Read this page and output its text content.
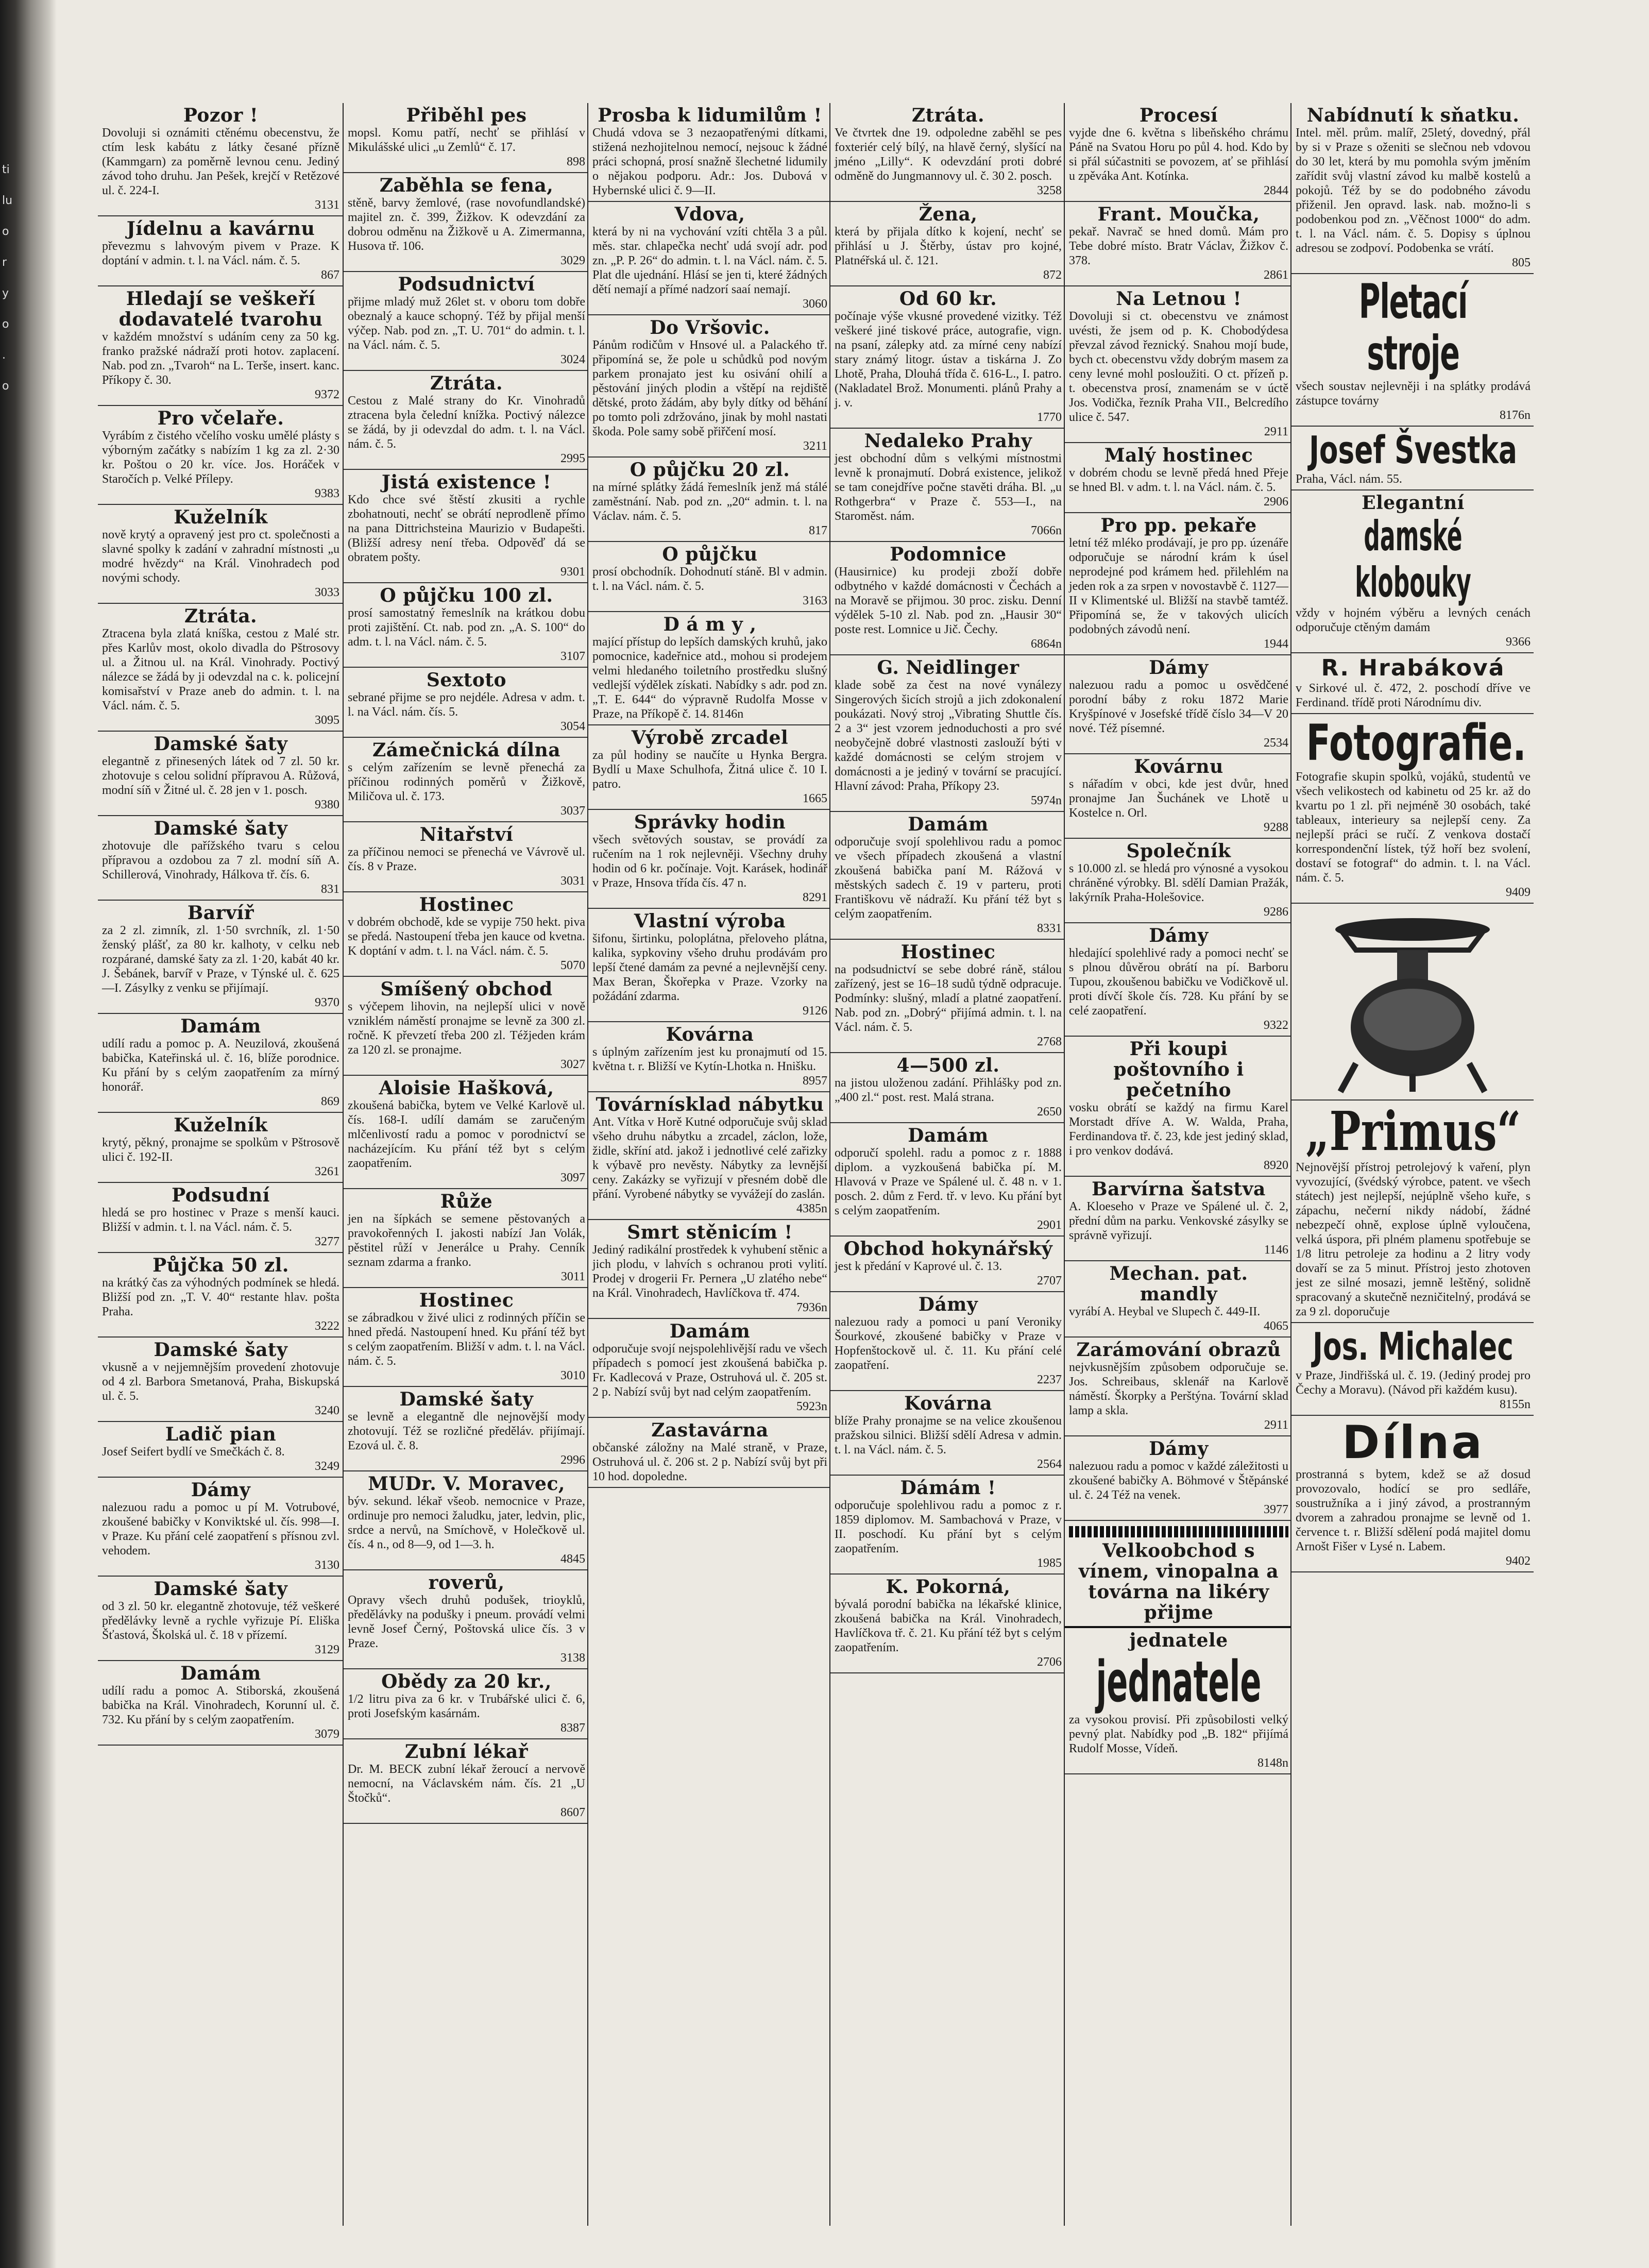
ti lu o r y o . o
Pozor !
Dovoluji si oznámiti ctěnému obecenstvu, že ctím lesk kabátu z látky česané přízně (Kammgarn) za poměrně levnou cenu. Jediný závod toho druhu. Jan Pešek, krejčí v Retězové ul. č. 224-I.
3131
Jídelnu a kavárnu
převezmu s lahvovým pivem v Praze. K doptání v admin. t. l. na Václ. nám. č. 5.
867
Hledají se veškeří dodavatelé tvarohu
v každém množství s udáním ceny za 50 kg. franko pražské nádraží proti hotov. zaplacení. Nab. pod zn. „Tvaroh“ na L. Terše, insert. kanc. Příkopy č. 30.
9372
Pro včelaře.
Vyrábím z čistého včelího vosku umělé plásty s výborným začátky s nabízím 1 kg za zl. 2·30 kr. Poštou o 20 kr. více. Jos. Horáček v Staročích p. Velké Přílepy.
9383
Kuželník
nově krytý a opravený jest pro ct. společnosti a slavné spolky k zadání v zahradní místnosti „u modré hvězdy“ na Král. Vinohradech pod novými schody.
3033
Ztráta.
Ztracena byla zlatá kníška, cestou z Malé str. přes Karlův most, okolo divadla do Pštrosovy ul. a Žitnou ul. na Král. Vinohrady. Poctivý nálezce se žádá by ji odevzdal na c. k. policejní komisařství v Praze aneb do admin. t. l. na Václ. nám. č. 5.
3095
Damské šaty
elegantně z přinesených látek od 7 zl. 50 kr. zhotovuje s celou solidní přípravou A. Růžová, modní síň v Žitné ul. č. 28 jen v 1. posch.
9380
Damské šaty
zhotovuje dle pařížského tvaru s celou přípravou a ozdobou za 7 zl. modní síň A. Schillerová, Vinohrady, Hálkova tř. čís. 6.
831
Barvíř
za 2 zl. zimník, zl. 1·50 svrchník, zl. 1·50 ženský plášť, za 80 kr. kalhoty, v celku neb rozpárané, damské šaty za zl. 1·20, kabát 40 kr. J. Šebánek, barvíř v Praze, v Týnské ul. č. 625—I. Zásylky z venku se přijímají.
9370
Damám
udílí radu a pomoc p. A. Neuzilová, zkoušená babička, Kateřinská ul. č. 16, blíže porodnice. Ku přání by s celým zaopatřením za mírný honorář.
869
Kuželník
krytý, pěkný, pronajme se spolkům v Pštrosově ulici č. 192-II.
3261
Podsudní
hledá se pro hostinec v Praze s menší kauci. Bližší v admin. t. l. na Václ. nám. č. 5.
3277
Půjčka 50 zl.
na krátký čas za výhodných podmínek se hledá. Bližší pod zn. „T. V. 40“ restante hlav. pošta Praha.
3222
Damské šaty
vkusně a v nejjemnějším provedení zhotovuje od 4 zl. Barbora Smetanová, Praha, Biskupská ul. č. 5.
3240
Ladič pian
Josef Seifert bydlí ve Smečkách č. 8.
3249
Dámy
nalezuou radu a pomoc u pí M. Votrubové, zkoušené babičky v Konviktské ul. čís. 998—I. v Praze. Ku přání celé zaopatření s přísnou zvl. vehodem.
3130
Damské šaty
od 3 zl. 50 kr. elegantně zhotovuje, též veškeré předělávky levně a rychle vyřizuje Pí. Eliška Šťastová, Školská ul. č. 18 v přízemí.
3129
Damám
udílí radu a pomoc A. Stiborská, zkoušená babička na Král. Vinohradech, Korunní ul. č. 732. Ku přání by s celým zaopatřením.
3079
Přiběhl pes
mopsl. Komu patří, nechť se přihlásí v Mikulášské ulici „u Zemlů“ č. 17.
898
Zaběhla se fena,
stěně, barvy žemlové, (rase novofundlandské) majitel zn. č. 399, Žižkov. K odevzdání za dobrou odměnu na Žižkově u A. Zimermanna, Husova tř. 106.
3029
Podsudnictví
přijme mladý muž 26let st. v oboru tom dobře obeznalý a kauce schopný. Též by přijal menší výčep. Nab. pod zn. „T. U. 701“ do admin. t. l. na Václ. nám. č. 5.
3024
Ztráta.
Cestou z Malé strany do Kr. Vinohradů ztracena byla čelední knížka. Poctivý nálezce se žádá, by ji odevzdal do adm. t. l. na Václ. nám. č. 5.
2995
Jistá existence !
Kdo chce své štěstí zkusiti a rychle zbohatnouti, nechť se obrátí neprodleně přímo na pana Dittrichsteina Maurizio v Budapešti. (Bližší adresy není třeba. Odpověď dá se obratem pošty.
9301
O půjčku 100 zl.
prosí samostatný řemeslník na krátkou dobu proti zajištění. Ct. nab. pod zn. „A. S. 100“ do adm. t. l. na Václ. nám. č. 5.
3107
Sextoto
sebrané přijme se pro nejdéle. Adresa v adm. t. l. na Václ. nám. čís. 5.
3054
Zámečnická dílna
s celým zařízením se levně přenechá za příčinou rodinných poměrů v Žižkově, Miličova ul. č. 173.
3037
Nitařství
za příčinou nemoci se přenechá ve Vávrově ul. čís. 8 v Praze.
3031
Hostinec
v dobrém obchodě, kde se vypije 750 hekt. piva se předá. Nastoupení třeba jen kauce od kvetna. K doptání v adm. t. l. na Václ. nám. č. 5.
5070
Smíšený obchod
s výčepem lihovin, na nejlepší ulici v nově vzniklém náměstí pronajme se levně za 300 zl. ročně. K převzetí třeba 200 zl. Téžjeden krám za 120 zl. se pronajme.
3027
Aloisie Hašková,
zkoušená babička, bytem ve Velké Karlově ul. čís. 168-I. udílí damám se zaručeným mlčenlivostí radu a pomoc v porodnictví se nacházejícím. Ku přání též byt s celým zaopatřením.
3097
Růže
jen na šípkách se semene pěstovaných a pravokořenných I. jakosti nabízí Jan Volák, pěstitel růží v Jenerálce u Prahy. Cenník seznam zdarma a franko.
3011
Hostinec
se zábradkou v živé ulici z rodinných příčin se hned předá. Nastoupení hned. Ku přání též byt s celým zaopatřením. Bližší v adm. t. l. na Václ. nám. č. 5.
3010
Damské šaty
se levně a elegantně dle nejnovější mody zhotovují. Též se rozličné předěláv. přijímají. Ezová ul. č. 8.
2996
MUDr. V. Moravec,
býv. sekund. lékař všeob. nemocnice v Praze, ordinuje pro nemoci žaludku, jater, ledvin, plic, srdce a nervů, na Smíchově, v Holečkově ul. čís. 4 n., od 8—9, od 1—3. h.
4845
roverů,
Opravy všech druhů podušek, trioyklů, předělávky na podušky i pneum. provádí velmi levně Josef Černý, Poštovská ulice čís. 3 v Praze.
3138
Obědy za 20 kr.,
1/2 litru piva za 6 kr. v Trubářské ulici č. 6, proti Josefským kasárnám.
8387
Zubní lékař
Dr. M. BECK zubní lékař žeroucí a nervově nemocní, na Václavském nám. čís. 21 „U Štočků“.
8607
Prosba k lidumilům !
Chudá vdova se 3 nezaopatřenými dítkami, stižená nezhojitelnou nemocí, nejsouc k žádné práci schopná, prosí snažně šlechetné lidumily o nějakou podporu. Adr.: Jos. Dubová v Hybernské ulici č. 9—II.
Vdova,
která by ni na vychování vzíti chtěla 3 a půl. měs. star. chlapečka nechť udá svojí adr. pod zn. „P. P. 26“ do admin. t. l. na Václ. nám. č. 5. Plat dle ujednání. Hlásí se jen ti, které žádných dětí nemají a přímé nadzorí saaí nemají.
3060
Do Vršovic.
Pánům rodičům v Hnsové ul. a Palackého tř. připomíná se, že pole u schůdků pod novým parkem pronajato jest ku osivání ohilí a pěstování jiných plodin a vštěpí na rejdiště dětské, proto žádám, aby byly dítky od běhání po tomto poli zdržováno, jinak by mohl nastati škoda. Pole samy sobě přiřčení mosí.
3211
O půjčku 20 zl.
na mírné splátky žádá řemeslník jenž má stálé zaměstnání. Nab. pod zn. „20“ admin. t. l. na Václav. nám. č. 5.
817
O půjčku
prosí obchodník. Dohodnutí stáně. Bl v admin. t. l. na Václ. nám. č. 5.
3163
D á m y ,
mající přístup do lepších damských kruhů, jako pomocnice, kadeřnice atd., mohou si prodejem velmi hledaného toiletního prostředku slušný vedlejší výdělek získati. Nabídky s adr. pod zn. „T. E. 644“ do výpravně Rudolfa Mosse v Praze, na Příkopě č. 14. 8146n
Výrobě zrcadel
za půl hodiny se naučíte u Hynka Bergra. Bydlí u Maxe Schulhofa, Žitná ulice č. 10 I. patro.
1665
Správky hodin
všech světových soustav, se provádí za ručením na 1 rok nejlevněji. Všechny druhy hodin od 6 kr. počínaje. Vojt. Karásek, hodinář v Praze, Hnsova třída čís. 47 n.
8291
Vlastní výroba
šifonu, širtinku, poloplátna, přeloveho plátna, kalika, sypkoviny všeho druhu prodávám pro lepší čtené damám za pevné a nejlevnější ceny. Max Beran, Škořepka v Praze. Vzorky na požádání zdarma.
9126
Kovárna
s úplným zařízením jest ku pronajmutí od 15. května t. r. Bližší ve Kytín-Lhotka n. Hnišku.
8957
Továrnísklad nábytku
Ant. Vítka v Horě Kutné odporučuje svůj sklad všeho druhu nábytku a zrcadel, záclon, lože, židle, skříní atd. jakož i jednotlivé celé zařizky k výbavě pro nevěsty. Nábytky za levnější ceny. Zakázky se vyřizují v přesném době dle přání. Vyrobené nábytky se vyvážejí do zaslán.
4385n
Smrt stěnicím !
Jediný radikální prostředek k vyhubení stěnic a jich plodu, v lahvích s ochranou proti vylití. Prodej v drogerii Fr. Pernera „U zlatého nebe“ na Král. Vinohradech, Havlíčkova tř. 474.
7936n
Damám
odporučuje svojí nejspolehlivější radu ve všech případech s pomocí jest zkoušená babička p. Fr. Kadlecová v Praze, Ostruhová ul. č. 205 st. 2 p. Nabízí svůj byt nad celým zaopatřením.
5923n
Zastavárna
občanské záložny na Malé straně, v Praze, Ostruhová ul. č. 206 st. 2 p. Nabízí svůj byt při 10 hod. dopoledne.
Ztráta.
Ve čtvrtek dne 19. odpoledne zaběhl se pes foxteriér celý bílý, na hlavě černý, slyšící na jméno „Lilly“. K odevzdání proti dobré odměně do Jungmannovy ul. č. 30 2. posch.
3258
Žena,
která by přijala dítko k kojení, nechť se přihlásí u J. Štěrby, ústav pro kojné, Platnéřská ul. č. 121.
872
Od 60 kr.
počínaje výše vkusné provedené vizitky. Též veškeré jiné tiskové práce, autografie, vign. na psaní, zálepky atd. za mírné ceny nabízí stary známý litogr. ústav a tiskárna J. Zo Lhotě, Praha, Dlouhá třída č. 616-L., I. patro. (Nakladatel Brož. Monumenti. plánů Prahy a j. v.
1770
Nedaleko Prahy
jest obchodní dům s velkými místnostmi levně k pronajmutí. Dobrá existence, jelikož se tam conejdříve počne stavěti dráha. Bl. „u Rothgerbra“ v Praze č. 553—I., na Staroměst. nám.
7066n
Podomnice
(Hausirnice) ku prodeji zboží dobře odbytného v každé domácnosti v Čechách a na Moravě se přijmou. 30 proc. zisku. Denní výdělek 5-10 zl. Nab. pod zn. „Hausir 30“ poste rest. Lomnice u Jič. Čechy.
6864n
G. Neidlinger
klade sobě za čest na nové vynálezy Singerových šicích strojů a jich zdokonalení poukázati. Nový stroj „Vibrating Shuttle čís. 2 a 3“ jest vzorem jednoduchosti a pro své neobyčejně dobré vlastnosti zaslouží býti v každé domácnosti se celým strojem v domácnosti a je jediný v tovární se pracující. Hlavní závod: Praha, Příkopy 23.
5974n
Damám
odporučuje svojí spolehlivou radu a pomoc ve všech případech zkoušená a vlastní zkoušená babička paní M. Rážová v městských sadech č. 19 v parteru, proti Františkovu vě nádraží. Ku přání též byt s celým zaopatřením.
8331
Hostinec
na podsudnictví se sebe dobré ráně, stálou zařízený, jest se 16–18 sudů týdně odpracuje. Podmínky: slušný, mladí a platné zaopatření. Nab. pod zn. „Dobrý“ přijímá admin. t. l. na Václ. nám. č. 5.
2768
4—500 zl.
na jistou uloženou zadání. Přihlášky pod zn. „400 zl.“ post. rest. Malá strana.
2650
Damám
odporučí spolehl. radu a pomoc z r. 1888 diplom. a vyzkoušená babička pí. M. Hlavová v Praze ve Spálené ul. č. 48 n. v 1. posch. 2. dům z Ferd. tř. v levo. Ku přání byt s celým zaopatřením.
2901
Obchod hokynářský
jest k předání v Kaprové ul. č. 13.
2707
Dámy
nalezuou rady a pomoci u paní Veroniky Šourkové, zkoušené babičky v Praze v Hopfenštockově ul. č. 11. Ku přání celé zaopatření.
2237
Kovárna
blíže Prahy pronajme se na velice zkoušenou pražskou silnici. Bližší sdělí Adresa v admin. t. l. na Václ. nám. č. 5.
2564
Dámám !
odporučuje spolehlivou radu a pomoc z r. 1859 diplomov. M. Sambachová v Praze, v II. poschodí. Ku přání byt s celým zaopatřením.
1985
K. Pokorná,
bývalá porodní babička na lékařské klinice, zkoušená babička na Král. Vinohradech, Havlíčkova tř. č. 21. Ku přání též byt s celým zaopatřením.
2706
Procesí
vyjde dne 6. května s libeňského chrámu Páně na Svatou Horu po půl 4. hod. Kdo by si přál súčastniti se povozem, ať se přihlásí u zpěváka Ant. Kotínka.
2844
Frant. Moučka,
pekař. Navrač se hned domů. Mám pro Tebe dobré místo. Bratr Václav, Žižkov č. 378.
2861
Na Letnou !
Dovoluji si ct. obecenstvu ve známost uvésti, že jsem od p. K. Chobodýdesa převzal závod řeznický. Snahou mojí bude, bych ct. obecenstvu vždy dobrým masem za ceny levné mohl posloužiti. O ct. přízeň p. t. obecenstva prosí, znamenám se v úctě Jos. Vodička, řezník Praha VII., Belcredího ulice č. 547.
2911
Malý hostinec
v dobrém chodu se levně předá hned Přeje se hned Bl. v adm. t. l. na Václ. nám. č. 5.
2906
Pro pp. pekaře
letní též mléko prodávají, je pro pp. úzenáře odporučuje se národní krám k úsel neprodejné pod krámem hed. přilehlém na jeden rok a za srpen v novostavbě č. 1127—II v Klimentské ul. Bližší na stavbě tamtéž. Připomíná se, že v takových ulicích podobných závodů není.
1944
Dámy
nalezuou radu a pomoc u osvědčené porodní báby z roku 1872 Marie Kryšpínové v Josefské třídě číslo 34—V 20 nové. Též písemné.
2534
Kovárnu
s nářadím v obci, kde jest dvůr, hned pronajme Jan Šuchánek ve Lhotě u Kostelce n. Orl.
9288
Společník
s 10.000 zl. se hledá pro výnosné a vysokou chráněné výrobky. Bl. sdělí Damian Pražák, lakýrník Praha-Holešovice.
9286
Dámy
hledající spolehlivé rady a pomoci nechť se s plnou důvěrou obrátí na pí. Barboru Tupou, zkoušenou babičku ve Vodičkově ul. proti dívčí škole čís. 728. Ku přání by se celé zaopatření.
9322
Při koupi poštovního i pečetního
vosku obrátí se každý na firmu Karel Morstadt dříve A. W. Walda, Praha, Ferdinandova tř. č. 23, kde jest jediný sklad, i pro venkov dodává.
8920
Barvírna šatstva
A. Kloeseho v Praze ve Spálené ul. č. 2, přední dům na parku. Venkovské zásylky se správně vyřizují.
1146
Mechan. pat. mandly
vyrábí A. Heybal ve Slupech č. 449-II.
4065
Zarámování obrazů
nejvkusnějším způsobem odporučuje se. Jos. Schreibaus, sklenář na Karlově náměstí. Škorpky a Perštýna. Tovární sklad lamp a skla.
2911
Dámy
nalezuou radu a pomoc v každé záležitosti u zkoušené babičky A. Böhmové v Štěpánské ul. č. 24 Též na venek.
3977
Velkoobchod s vínem, vinopalna a továrna na likéry přijme
jednatele
jednatele
za vysokou provisí. Při způsobilosti velký pevný plat. Nabídky pod „B. 182“ přijímá Rudolf Mosse, Vídeň.
8148n
Nabídnutí k sňatku.
Intel. měl. prům. malíř, 25letý, dovedný, přál by si v Praze s oženiti se slečnou neb vdovou do 30 let, která by mu pomohla svým jměním zařídit svůj vlastní závod ku malbě kostelů a pokojů. Též by se do podobného závodu přiženil. Jen opravd. lask. nab. možno-li s podobenkou pod zn. „Věčnost 1000“ do adm. t. l. na Václ. nám. č. 5. Dopisy s úplnou adresou se zodpoví. Podobenka se vrátí.
805
Pletací stroje
všech soustav nejlevněji i na splátky prodává zástupce továrny
8176n
Josef Švestka
Praha, Václ. nám. 55.
Elegantní
damské klobouky
vždy v hojném výběru a levných cenách odporučuje ctěným damám
9366
R. Hrabáková
v Sirkové ul. č. 472, 2. poschodí dříve ve Ferdinand. třídě proti Národnímu div.
Fotografie.
Fotografie skupin spolků, vojáků, studentů ve všech velikostech od kabinetu od 25 kr. až do kvartu po 1 zl. při nejméně 30 osobách, také tableaux, interieury sa nejlepší ceny. Za nejlepší práci se ručí. Z venkova dostačí korrespondenční lístek, týž hoří bez svolení, dostaví se fotograf“ do admin. t. l. na Václ. nám. č. 5.
9409
„Primus“
Nejnovější přístroj petrolejový k vaření, plyn vyvozující, (švédský výrobce, patent. ve všech státech) jest nejlepší, nejúplně všeho kuře, s zápachu, nečerní nikdy nádobí, žádné nebezpečí ohně, explose úplně vyloučena, velká úspora, při plném plamenu spotřebuje se 1/8 litru petroleje za hodinu a 2 litry vody dovaří se za 5 minut. Přístroj jesto zhotoven jest ze silné mosazi, jemně leštěný, solidně spracovaný a skutečně nezničitelný, prodává se za 9 zl. doporučuje
Jos. Michalec
v Praze, Jindřišská ul. č. 19. (Jediný prodej pro Čechy a Moravu). (Návod při každém kusu).
8155n
Dílna
prostranná s bytem, kdež se až dosud provozovalo, hodící se pro sedláře, soustružníka a i jiný závod, a prostranným dvorem a zahradou pronajme se levně od 1. července t. r. Bližší sdělení podá majitel domu Arnošt Fišer v Lysé n. Labem.
9402
